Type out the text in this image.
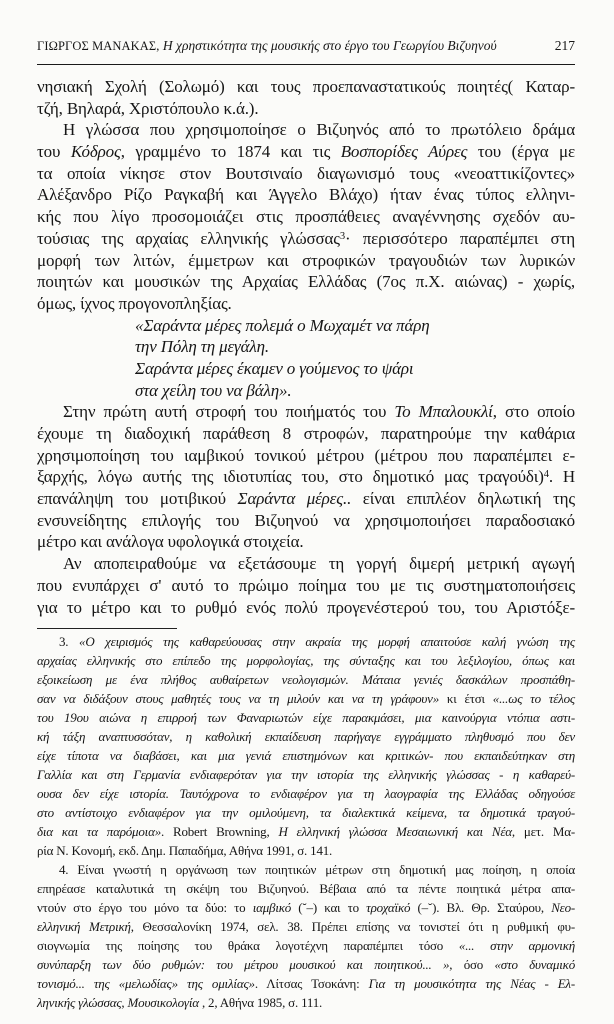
ΓΙΩΡΓΟΣ ΜΑΝΑΚΑΣ, Η χρηστικότητα της μουσικής στο έργο του Γεωργίου Βιζυηνού	217
νησιακή Σχολή (Σολωμό) και τους προεπαναστατικούς ποιητές( Καταρ-
τζή, Βηλαρά, Χριστόπουλο κ.ά.).
Η γλώσσα που χρησιμοποίησε ο Βιζυηνός από το πρωτόλειο δράμα
του Κόδρος, γραμμένο το 1874 και τις Βοσπορίδες Αύρες του (έργα με
τα οποία νίκησε στον Βουτσιναίο διαγωνισμό τους «νεοαττικίζοντες»
Αλέξανδρο Ρίζο Ραγκαβή και Άγγελο Βλάχο) ήταν ένας τύπος ελληνι-
κής που λίγο προσομοιάζει στις προσπάθειες αναγέννησης σχεδόν αυ-
τούσιας της αρχαίας ελληνικής γλώσσας$^3$· περισσότερο παραπέμπει στη
μορφή των λιτών, έμμετρων και στροφικών τραγουδιών των λυρικών
ποιητών και μουσικών της Αρχαίας Ελλάδας (7ος π.Χ. αιώνας) - χωρίς,
όμως, ίχνος προγονοπληξίας.
«Σαράντα μέρες πολεμά ο Μωχαμέτ να πάρη
την Πόλη τη μεγάλη.
Σαράντα μέρες έκαμεν ο γούμενος το ψάρι
στα χείλη του να βάλη».
Στην πρώτη αυτή στροφή του ποιήματός του Το Μπαλουκλί, στο οποίο
έχουμε τη διαδοχική παράθεση 8 στροφών, παρατηρούμε την καθάρια
χρησιμοποίηση του ιαμβικού τονικού μέτρου (μέτρου που παραπέμπει ε-
ξαρχής, λόγω αυτής της ιδιοτυπίας του, στο δημοτικό μας τραγούδι)$^4$. Η
επανάληψη του μοτιβικού Σαράντα μέρες.. είναι επιπλέον δηλωτική της
ενσυνείδητης επιλογής του Βιζυηνού να χρησιμοποιήσει παραδοσιακό
μέτρο και ανάλογα υφολογικά στοιχεία.
Αν αποπειραθούμε να εξετάσουμε τη γοργή διμερή μετρική αγωγή
που ενυπάρχει σ' αυτό το πρώιμο ποίημα του με τις συστηματοποιήσεις
για το μέτρο και το ρυθμό ενός πολύ προγενέστερού του, του Αριστόξε-
3. «Ο χειρισμός της καθαρεύουσας στην ακραία της μορφή απαιτούσε καλή γνώση της
αρχαίας ελληνικής στο επίπεδο της μορφολογίας, της σύνταξης και του λεξιλογίου, όπως και
εξοικείωση με ένα πλήθος αυθαίρετων νεολογισμών. Μάταια γενιές δασκάλων προσπάθη-
σαν να διδάξουν στους μαθητές τους να τη μιλούν και να τη γράφουν» κι έτσι «...ως το τέλος
του 19ου αιώνα η επιρροή των Φαναριωτών είχε παρακμάσει, μια καινούργια ντόπια αστι-
κή τάξη αναπτυσσόταν, η καθολική εκπαίδευση παρήγαγε εγγράμματο πληθυσμό που δεν
είχε τίποτα να διαβάσει, και μια γενιά επιστημόνων και κριτικών- που εκπαιδεύτηκαν στη
Γαλλία και στη Γερμανία ενδιαφερόταν για την ιστορία της ελληνικής γλώσσας - η καθαρεύ-
ουσα δεν είχε ιστορία. Ταυτόχρονα το ενδιαφέρον για τη λαογραφία της Ελλάδας οδηγούσε
στο αντίστοιχο ενδιαφέρον για την ομιλούμενη, τα διαλεκτικά κείμενα, τα δημοτικά τραγού-
δια και τα παρόμοια». Robert Browning, Η ελληνική γλώσσα Μεσαιωνική και Νέα, μετ. Μα-
ρία Ν. Κονομή, εκδ. Δημ. Παπαδήμα, Αθήνα 1991, σ. 141.
4. Είναι γνωστή η οργάνωση των ποιητικών μέτρων στη δημοτική μας ποίηση, η οποία
επηρέασε καταλυτικά τη σκέψη του Βιζυηνού. Βέβαια από τα πέντε ποιητικά μέτρα απα-
ντούν στο έργο του μόνο τα δύο: το ιαμβικό (˘–) και το τροχαϊκό (–˘). Βλ. Θρ. Σταύρου, Νεο-
ελληνική Μετρική, Θεσσαλονίκη 1974, σελ. 38. Πρέπει επίσης να τονιστεί ότι η ρυθμική φυ-
σιογνωμία της ποίησης του θράκα λογοτέχνη παραπέμπει τόσο «... στην αρμονική
συνύπαρξη των δύο ρυθμών: του μέτρου μουσικού και ποιητικού... », όσο «στο δυναμικό
τονισμό... της «μελωδίας» της ομιλίας». Λίτσας Τσοκάνη: Για τη μουσικότητα της Νέας - Ελ-
ληνικής γλώσσας, Μουσικολογία , 2, Αθήνα 1985, σ. 111.
